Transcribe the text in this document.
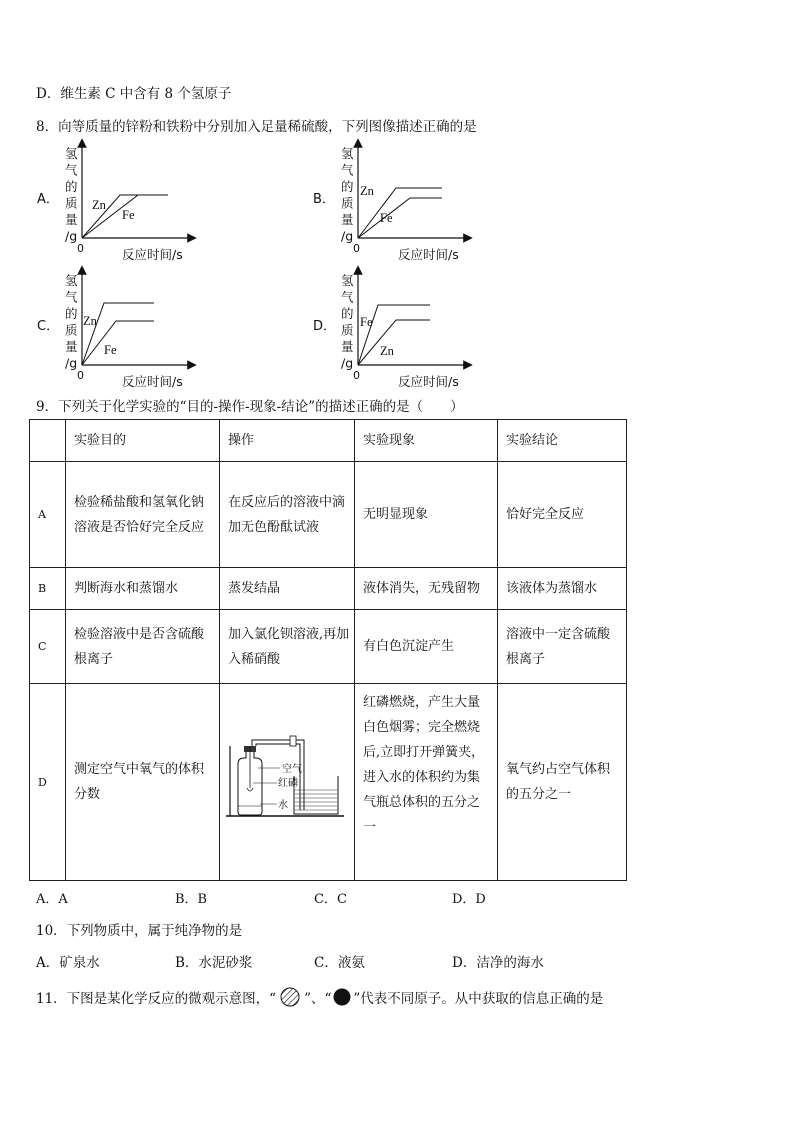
D．维生素 C 中含有 8 个氢原子
8．向等质量的锌粉和铁粉中分别加入足量稀硫酸，下列图像描述正确的是
A．
氢
气
的
质
量
/g
0	反应时间/s
Zn
Fe
B．
氢
气
的
质
量
/g
0	反应时间/s
Zn
Fe
C．
氢
气
的
质
量
/g
0	反应时间/s
Zn
Fe
D．
氢
气
的
质
量
/g
0	反应时间/s
Fe
Zn
9．下列关于化学实验的“目的-操作-现象-结论”的描述正确的是（　　）
	实验目的	操作	实验现象	实验结论
A	检验稀盐酸和氢氧化钠溶液是否恰好完全反应	在反应后的溶液中滴加无色酚酞试液	无明显现象	恰好完全反应
B	判断海水和蒸馏水	蒸发结晶	液体消失，无残留物	该液体为蒸馏水
C	检验溶液中是否含硫酸根离子	加入氯化钡溶液,再加入稀硝酸	有白色沉淀产生	溶液中一定含硫酸根离子
D	测定空气中氧气的体积分数	空气
红 磷
水	红磷燃烧，产生大量白色烟雾；完全燃烧后,立即打开弹簧夹，进入水的体积约为集气瓶总体积的五分之一	氧气约占空气体积的五分之一
A．A	B．B	C．C	D．D
10．下列物质中，属于纯净物的是
A．矿泉水	B．水泥砂浆	C．液氨	D．洁净的海水
11．下图是某化学反应的微观示意图，“ ”、“ ”代表不同原子。从中获取的信息正确的是
